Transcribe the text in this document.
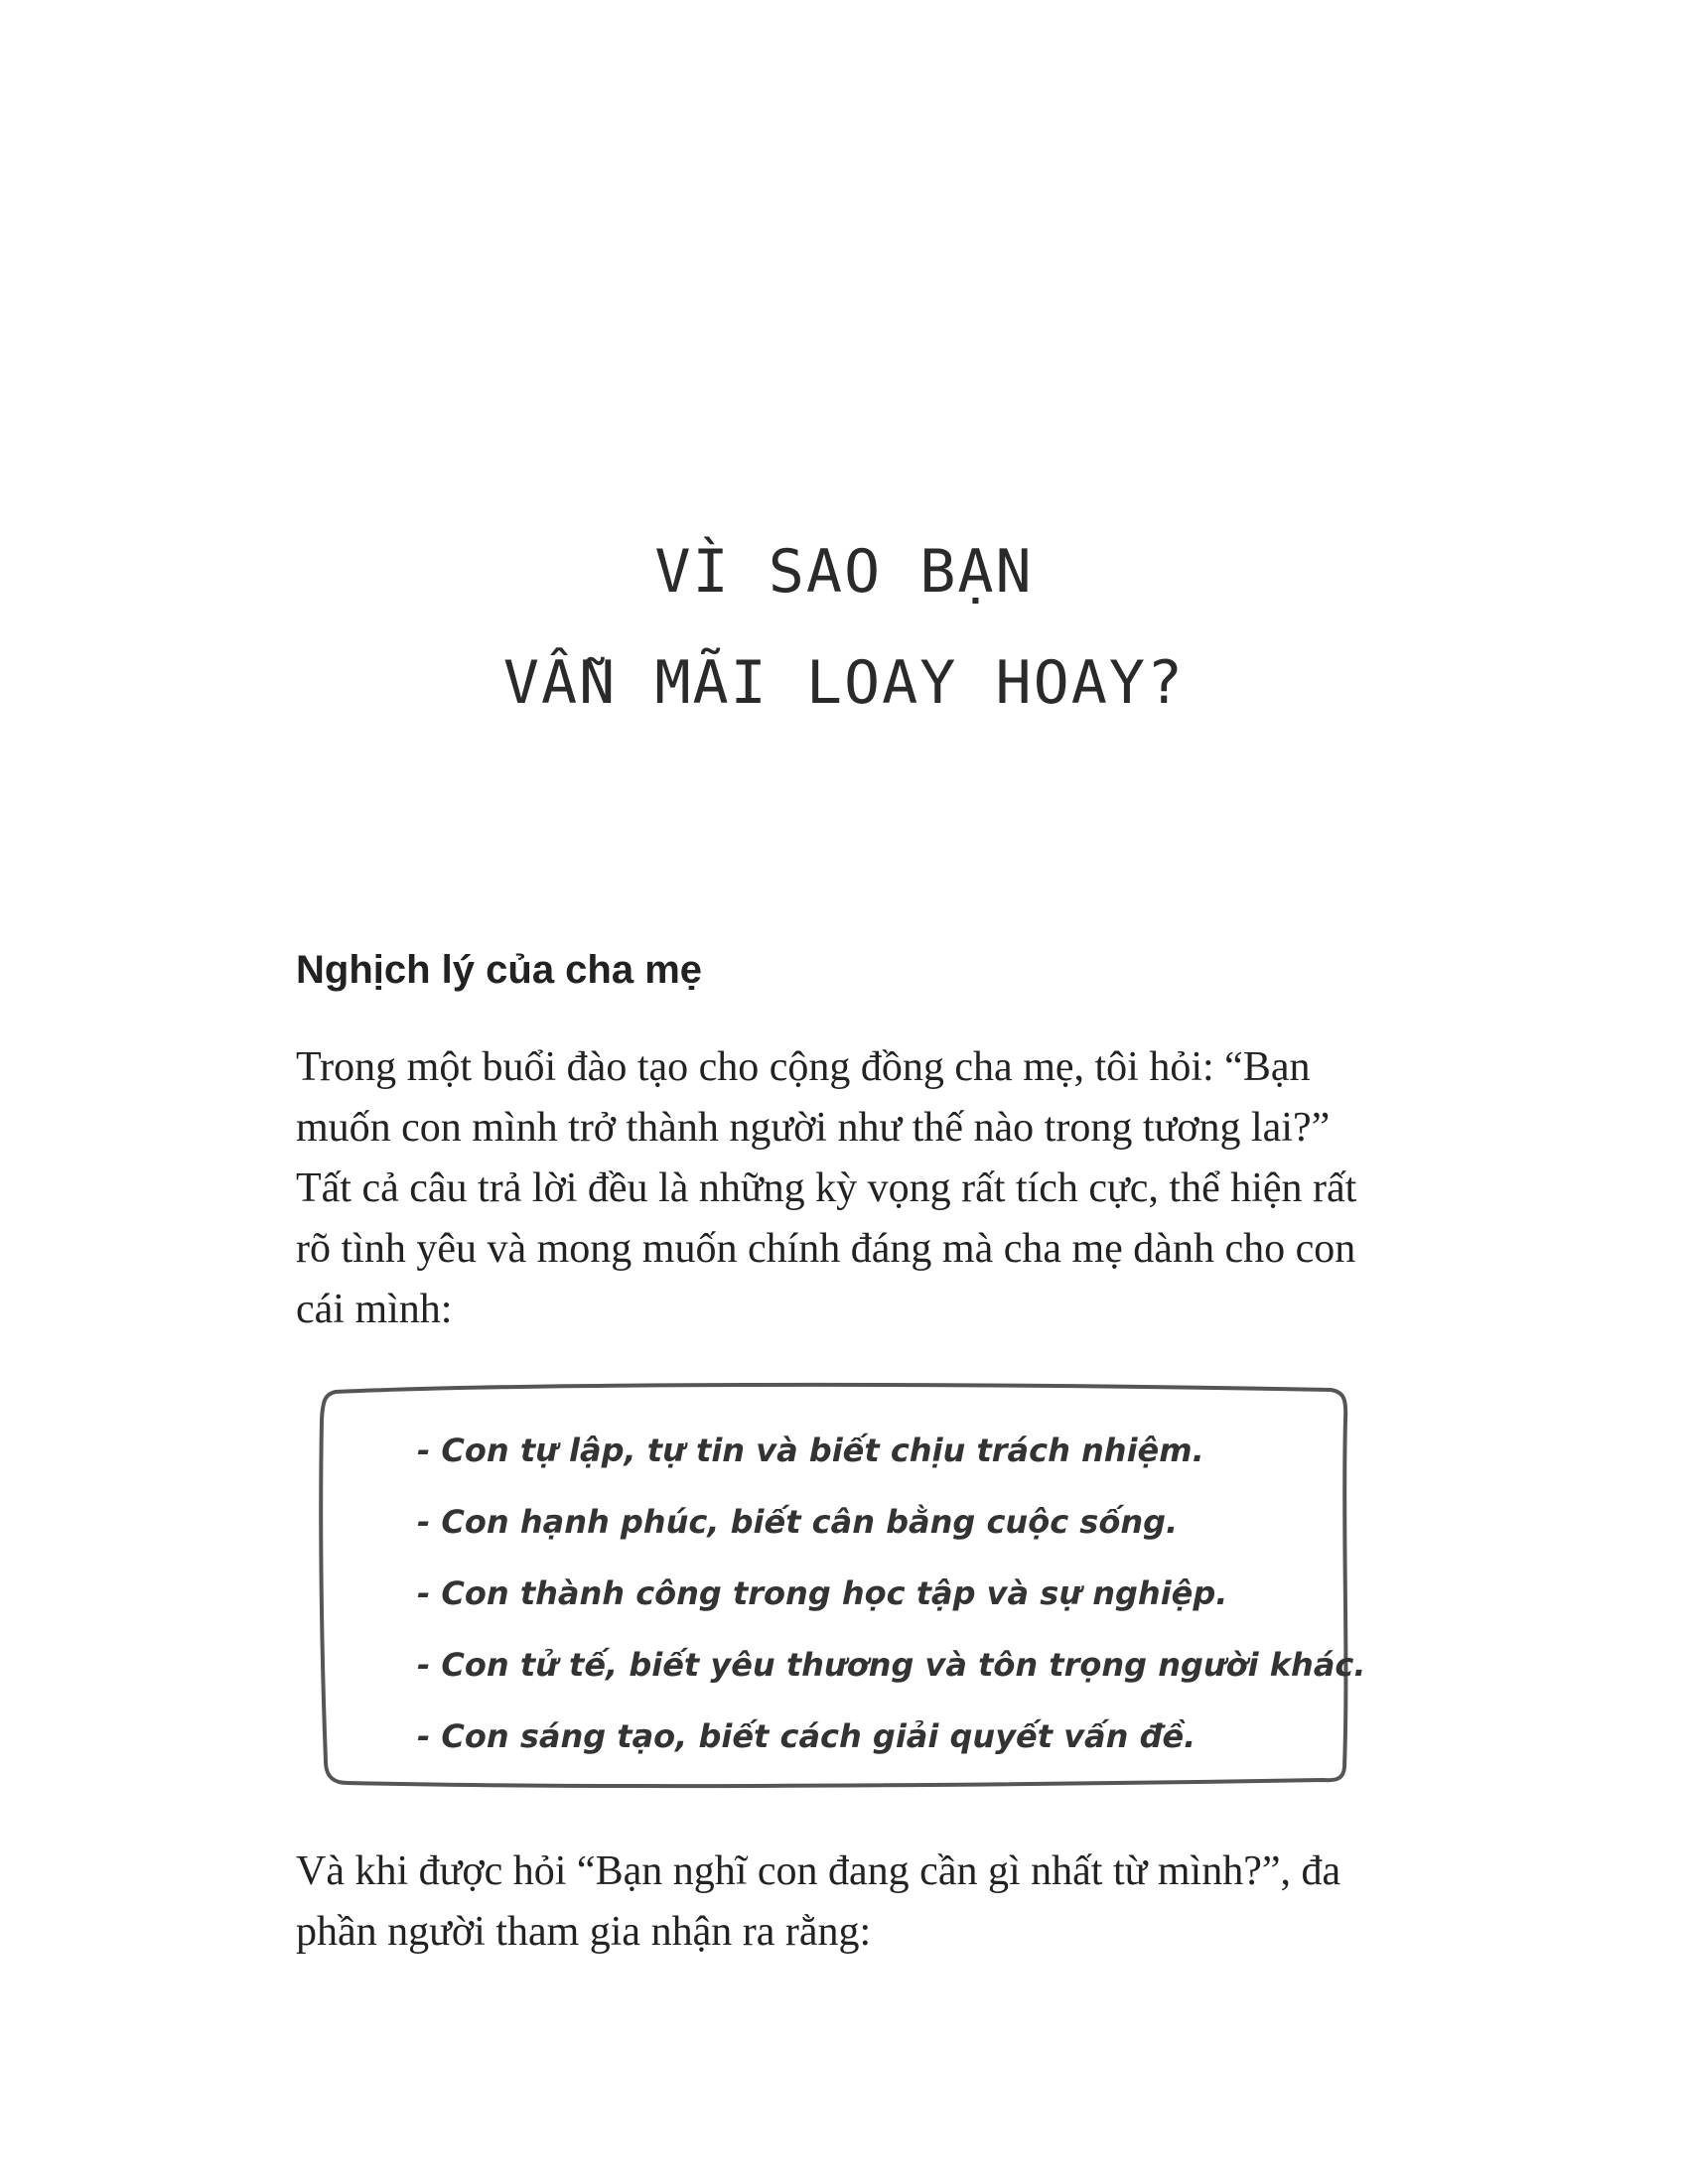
VÌ SAO BẠN
VẪN MÃI LOAY HOAY?
Nghịch lý của cha mẹ
Trong một buổi đào tạo cho cộng đồng cha mẹ, tôi hỏi: “Bạn
muốn con mình trở thành người như thế nào trong tương lai?”
Tất cả câu trả lời đều là những kỳ vọng rất tích cực, thể hiện rất
rõ tình yêu và mong muốn chính đáng mà cha mẹ dành cho con
cái mình:
- Con tự lập, tự tin và biết chịu trách nhiệm.
- Con hạnh phúc, biết cân bằng cuộc sống.
- Con thành công trong học tập và sự nghiệp.
- Con tử tế, biết yêu thương và tôn trọng người khác.
- Con sáng tạo, biết cách giải quyết vấn đề.
Và khi được hỏi “Bạn nghĩ con đang cần gì nhất từ mình?”, đa
phần người tham gia nhận ra rằng:
